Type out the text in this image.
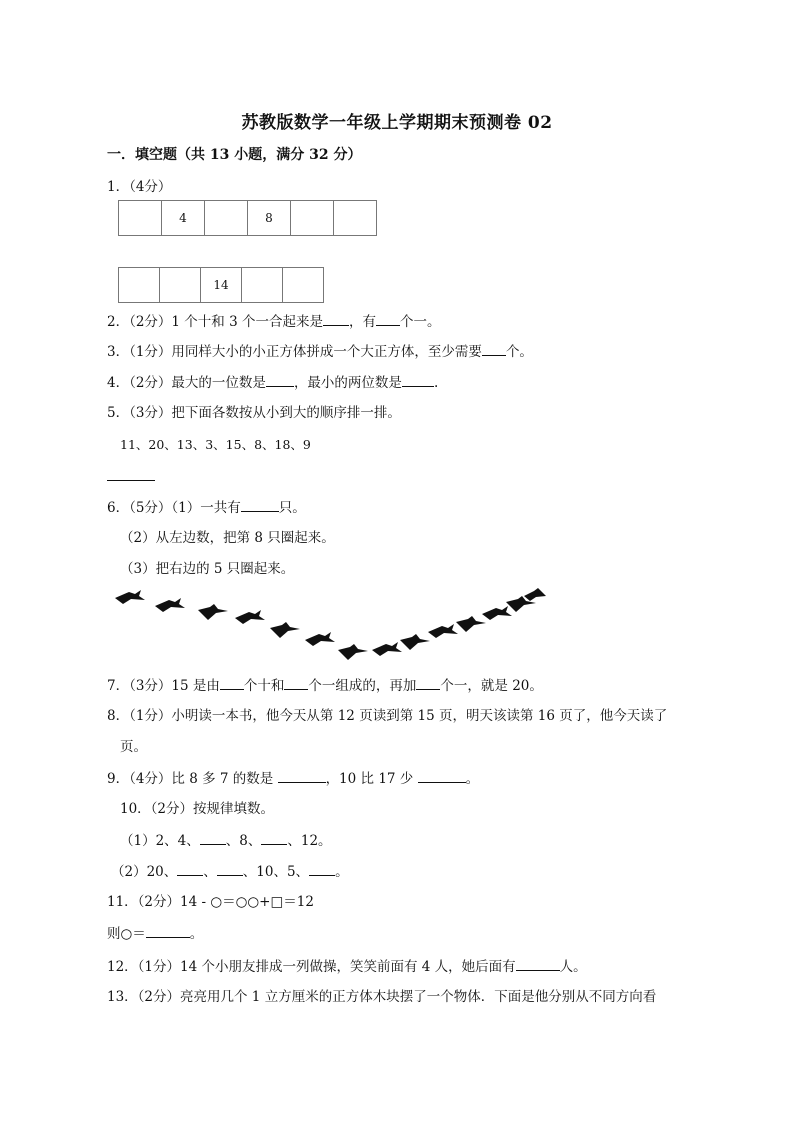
苏教版数学一年级上学期期末预测卷 02
一．填空题（共 13 小题，满分 32 分）
1．（4分）
	4		8		
		14		
2．（2分）1 个十和 3 个一合起来是 ，有 个一。
3．（1分）用同样大小的小正方体拼成一个大正方体，至少需要 个。
4．（2分）最大的一位数是 ，最小的两位数是 .
5．（3分）把下面各数按从小到大的顺序排一排。
11、20、13、3、15、8、18、9
6．（5分）（1）一共有	只。
（2）从左边数，把第 8 只圈起来。
（3）把右边的 5 只圈起来。
7．（3分）15 是由 个十和 个一组成的，再加 个一，就是 20。
8．（1分）小明读一本书，他今天从第 12 页读到第 15 页，明天该读第 16 页了，他今天读了
页。
9．（4分）比 8 多 7 的数是	，10 比 17 少	。
10．（2分）按规律填数。
（1）2、4、 、8、 、12。
（2）20、 、 、10、5、 。
11．（2分）14 - ○＝○○+□＝12
则○＝	。
12．（1分）14 个小朋友排成一列做操，笑笑前面有 4 人，她后面有	人。
13．（2分）亮亮用几个 1 立方厘米的正方体木块摆了一个物体．下面是他分别从不同方向看
